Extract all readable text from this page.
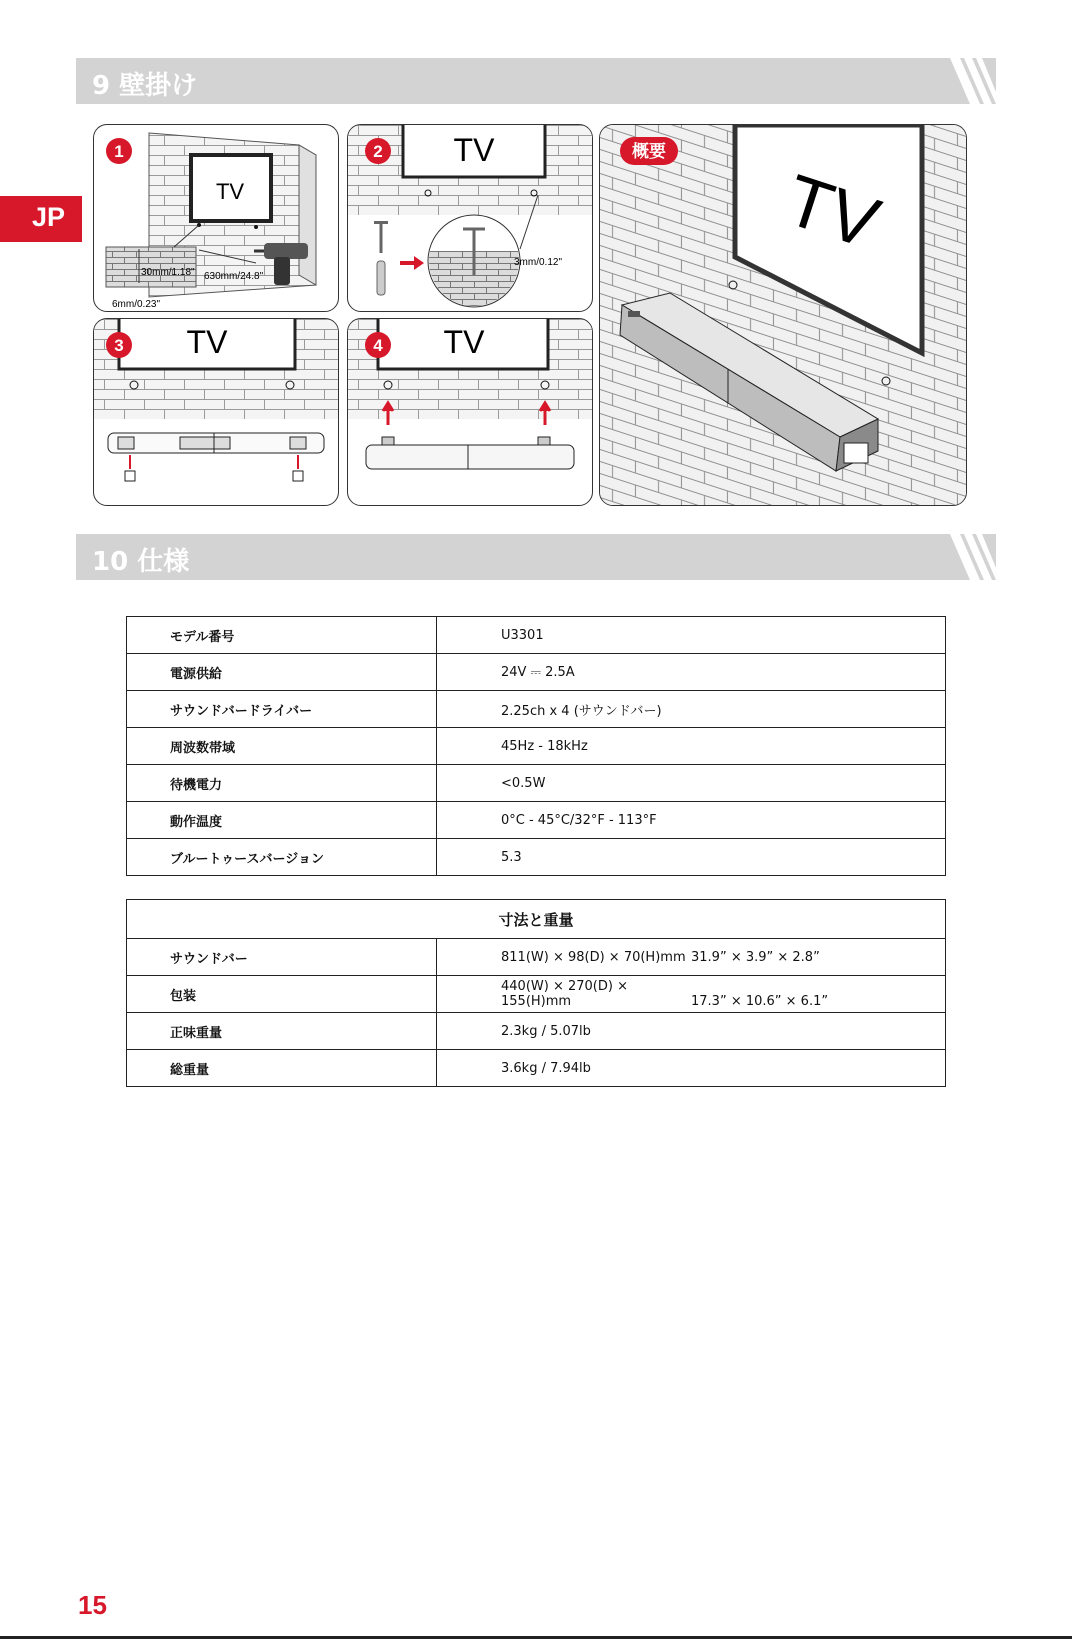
9 壁掛け
JP
TV
30mm/1.18" 630mm/24.8"
6mm/0.23"
1	TV
3mm/0.12"
2
TV
3	TV
4
TV
概要
10 仕様
モデル番号	U3301
電源供給	24V ⎓ 2.5A
サウンドバードライバー	2.25ch x 4 (サウンドバー)
周波数帯域	45Hz - 18kHz
待機電力	<0.5W
動作温度	0°C - 45°C/32°F - 113°F
ブルートゥースバージョン	5.3
寸法と重量	
サウンドバー	811(W) × 98(D) × 70(H)mm 31.9” × 3.9” × 2.8”
包装	440(W) × 270(D) × 155(H)mm 17.3” × 10.6” × 6.1”
正味重量	2.3kg / 5.07lb
総重量	3.6kg / 7.94lb
15
